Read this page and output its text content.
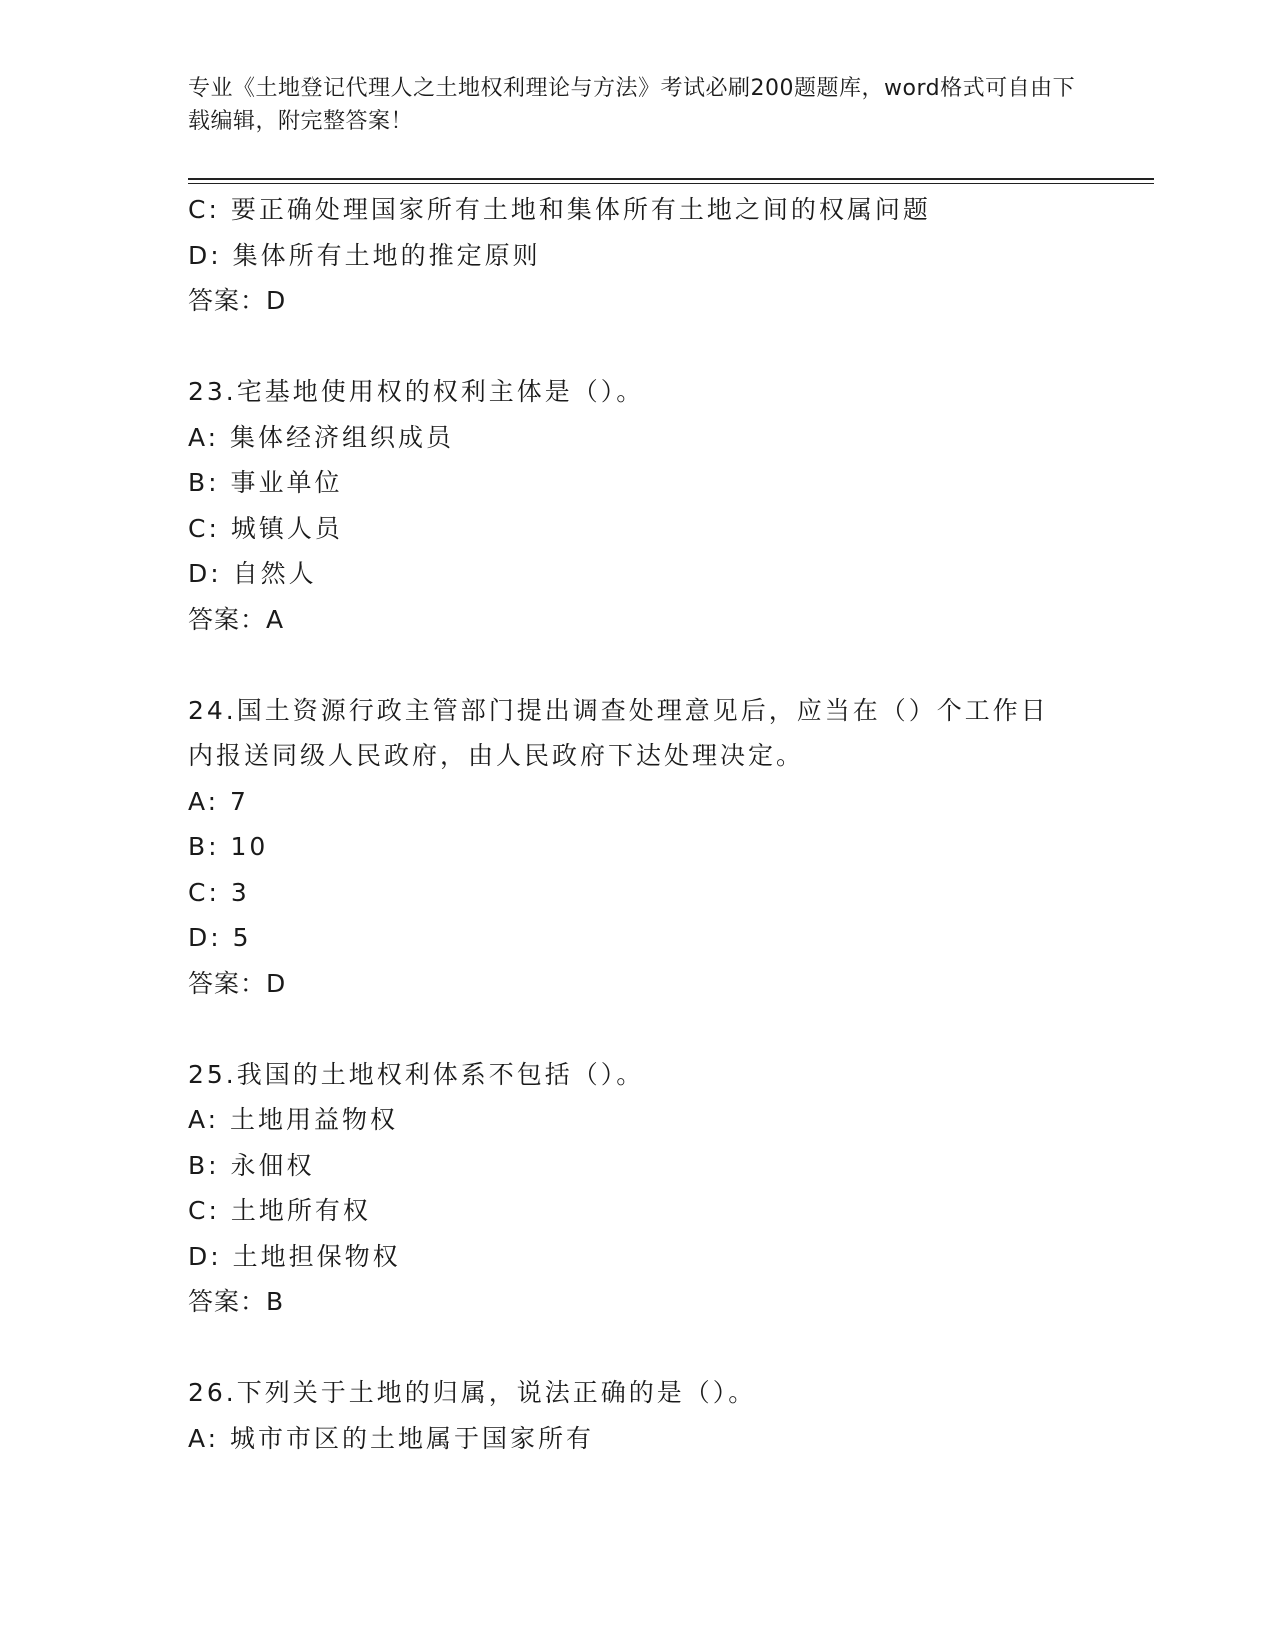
专业《土地登记代理人之土地权利理论与方法》考试必刷200题题库，word格式可自由下载编辑，附完整答案！
C: 要正确处理国家所有土地和集体所有土地之间的权属问题
D: 集体所有土地的推定原则
答案：D
23.宅基地使用权的权利主体是（）。
A: 集体经济组织成员
B: 事业单位
C: 城镇人员
D: 自然人
答案：A
24.国土资源行政主管部门提出调查处理意见后，应当在（）个工作日
内报送同级人民政府，由人民政府下达处理决定。
A: 7
B: 10
C: 3
D: 5
答案：D
25.我国的土地权利体系不包括（）。
A: 土地用益物权
B: 永佃权
C: 土地所有权
D: 土地担保物权
答案：B
26.下列关于土地的归属，说法正确的是（）。
A: 城市市区的土地属于国家所有
